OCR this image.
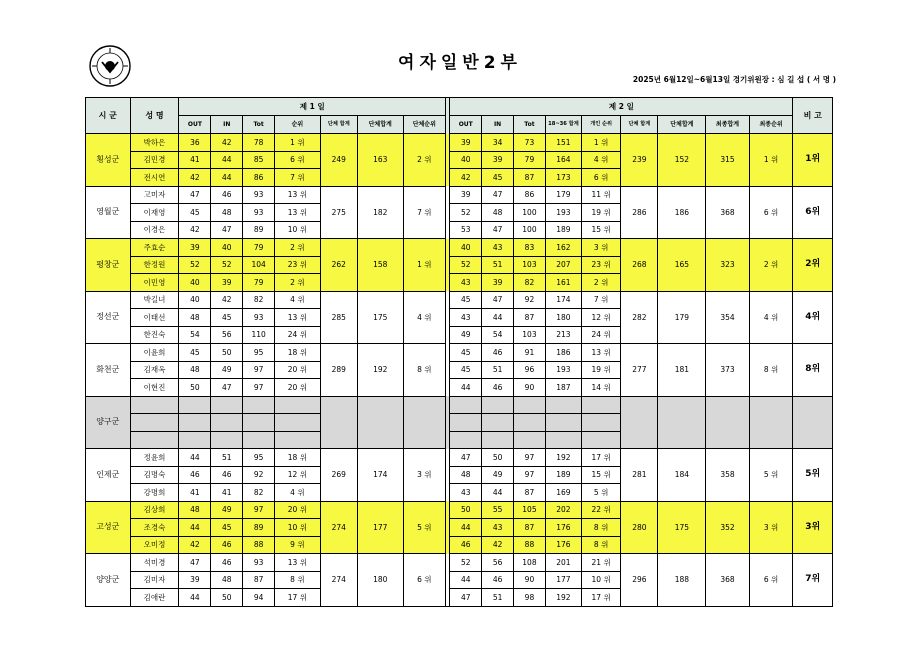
여자일반2부
2025년 6월12일~6월13일 경기위원장 : 심 길 섭 ( 서 명 )
시 군	성 명	제 1 일								제 2 일									비 고
		OUT	IN	Tot	순위	단체 합계	단체합계	단체순위		OUT	IN	Tot	18~36 합계	개인 순위	단체 합계	단체합계	최종합계	최종순위	
횡성군	박하은	36	42	78	1 위	249	163	2 위		39	34	73	151	1 위	239	152	315	1 위	1위
	김민경	41	44	85	6 위					40	39	79	164	4 위					
	전시연	42	44	86	7 위					42	45	87	173	6 위					
영월군	고미자	47	46	93	13 위	275	182	7 위		39	47	86	179	11 위	286	186	368	6 위	6위
	이재영	45	48	93	13 위					52	48	100	193	19 위					
	이경은	42	47	89	10 위					53	47	100	189	15 위					
평창군	주효순	39	40	79	2 위	262	158	1 위		40	43	83	162	3 위	268	165	323	2 위	2위
	한정원	52	52	104	23 위					52	51	103	207	23 위					
	이민영	40	39	79	2 위					43	39	82	161	2 위					
정선군	박길녀	40	42	82	4 위	285	175	4 위		45	47	92	174	7 위	282	179	354	4 위	4위
	이태선	48	45	93	13 위					43	44	87	180	12 위					
	한진숙	54	56	110	24 위					49	54	103	213	24 위					
화천군	이윤희	45	50	95	18 위	289	192	8 위		45	46	91	186	13 위	277	181	373	8 위	8위
	김재옥	48	49	97	20 위					45	51	96	193	19 위					
	이현진	50	47	97	20 위					44	46	90	187	14 위					
양구군																			

인제군	정윤희	44	51	95	18 위	269	174	3 위		47	50	97	192	17 위	281	184	358	5 위	5위
	김명숙	46	46	92	12 위					48	49	97	189	15 위					
	강명희	41	41	82	4 위					43	44	87	169	5 위					
고성군	김상희	48	49	97	20 위	274	177	5 위		50	55	105	202	22 위	280	175	352	3 위	3위
	조경숙	44	45	89	10 위					44	43	87	176	8 위					
	오미정	42	46	88	9 위					46	42	88	176	8 위					
양양군	석미경	47	46	93	13 위	274	180	6 위		52	56	108	201	21 위	296	188	368	6 위	7위
	김미자	39	48	87	8 위					44	46	90	177	10 위					
	김애란	44	50	94	17 위					47	51	98	192	17 위					
